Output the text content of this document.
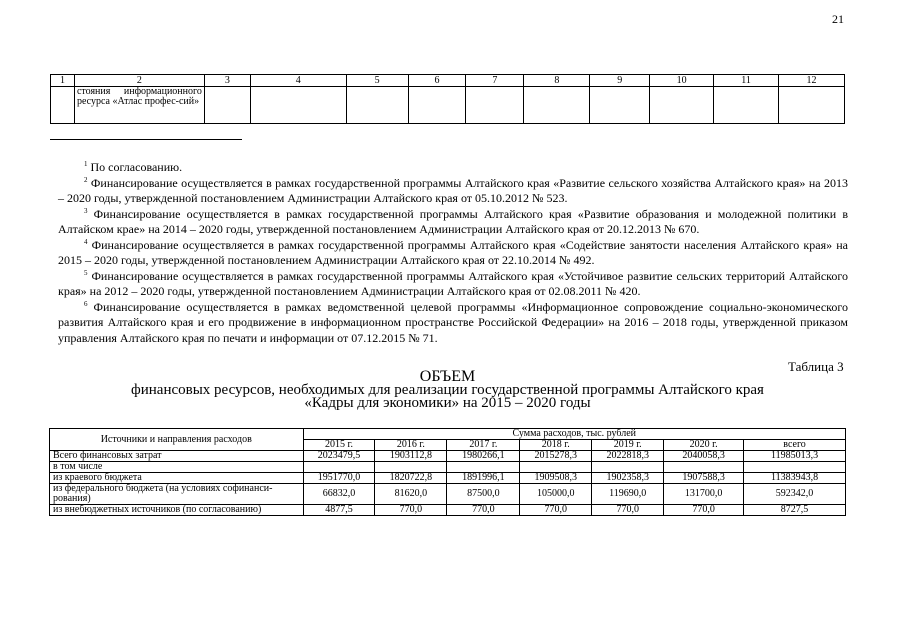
21
1	2	3	4	5	6	7	8	9	10	11	12

	стояния информационного ресурса «Атлас профес-сий»										

$^1$ По согласованию.

$^2$ Финансирование осуществляется в рамках государственной программы Алтайского края «Развитие сельского хозяйства Алтайского края» на 2013 – 2020 годы, утвержденной постановлением Администрации Алтайского края от 05.10.2012 № 523.

$^3$ Финансирование осуществляется в рамках государственной программы Алтайского края «Развитие образования и молодежной политики в Алтайском крае» на 2014 – 2020 годы, утвержденной постановлением Администрации Алтайского края от 20.12.2013 № 670.

$^4$ Финансирование осуществляется в рамках государственной программы Алтайского края «Содействие занятости населения Алтайского края» на 2015 – 2020 годы, утвержденной постановлением Администрации Алтайского края от 22.10.2014 № 492.

$^5$ Финансирование осуществляется в рамках государственной программы Алтайского края «Устойчивое развитие сельских территорий Алтайского края» на 2012 – 2020 годы, утвержденной постановлением Администрации Алтайского края от 02.08.2011 № 420.

$^6$ Финансирование осуществляется в рамках ведомственной целевой программы «Информационное сопровождение социально-экономического развития Алтайского края и его продвижение в информационном пространстве Российской Федерации» на 2016 – 2018 годы, утвержденной приказом управления Алтайского края по печати и информации от 07.12.2015 № 71.

Таблица 3
ОБЪЕМ
финансовых ресурсов, необходимых для реализации государственной программы Алтайского края
«Кадры для экономики» на 2015 – 2020 годы
Источники и направления расходов	Сумма расходов, тыс. рублей						
	2015 г.	2016 г.	2017 г.	2018 г.	2019 г.	2020 г.	всего
Всего финансовых затрат	2023479,5	1903112,8	1980266,1	2015278,3	2022818,3	2040058,3	11985013,3
в том числе							
из краевого бюджета	1951770,0	1820722,8	1891996,1	1909508,3	1902358,3	1907588,3	11383943,8
из федерального бюджета (на условиях софинанси-рования)	66832,0	81620,0	87500,0	105000,0	119690,0	131700,0	592342,0
из внебюджетных источников (по согласованию)	4877,5	770,0	770,0	770,0	770,0	770,0	8727,5
